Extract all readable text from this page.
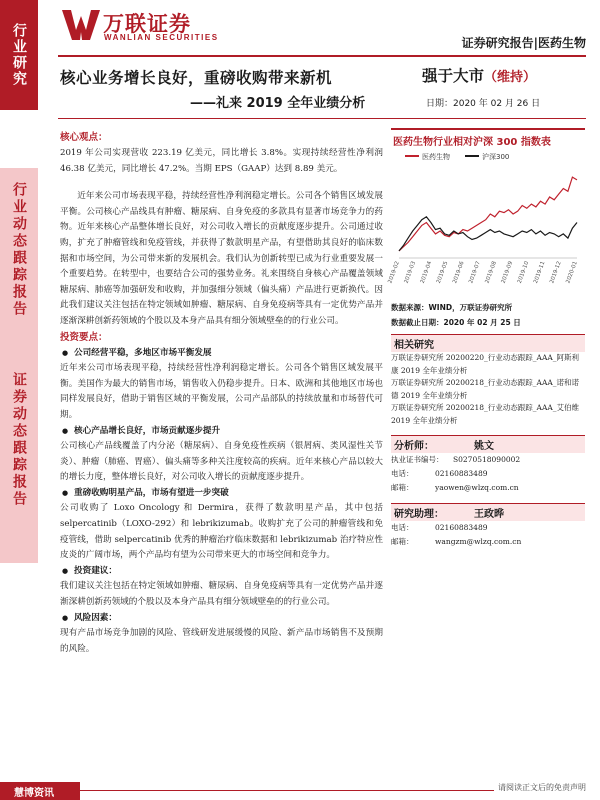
行业研究
行业动态跟踪报告
证券动态跟踪报告
万联证券
WANLIAN SECURITIES	证券研究报告|医药生物
核心业务增长良好，重磅收购带来新机
——礼来 2019 全年业绩分析
强于大市（维持）
日期：2020 年 02 月 26 日
核心观点：

2019 年公司实现营收 223.19 亿美元，同比增长 3.8%。实现持续经营性净利润 46.38 亿美元，同比增长 47.2%。当期 EPS（GAAP）达到 8.89 美元。

近年来公司市场表现平稳，持续经营性净利润稳定增长。公司各个销售区域发展平衡。公司核心产品线具有肿瘤、糖尿病、自身免疫的多款具有显著市场竞争力的药物。近年来核心产品整体增长良好，对公司收入增长的贡献度逐步提升。公司通过收购，扩充了肿瘤管线和免疫管线，并获得了数款明星产品，有望借助其良好的临床数据和市场空间，为公司带来新的发展机会。我们认为创新转型已成为行业重要发展一个重要趋势。在转型中，也要结合公司的强势业务。礼来围绕自身核心产品覆盖领域糖尿病、肺癌等加强研发和收购，并加强细分领域（偏头痛）产品进行更新换代。因此我们建议关注包括在特定领域如肿瘤、糖尿病、自身免疫病等具有一定优势产品并逐渐深耕创新药领域的个股以及本身产品具有细分领域壁垒的的行业公司。

投资要点：
● 公司经营平稳，多地区市场平衡发展

近年来公司市场表现平稳，持续经营性净利润稳定增长。公司各个销售区域发展平衡。美国作为最大的销售市场，销售收入仍稳步提升。日本、欧洲和其他地区市场也同样发展良好，借助于销售区域的平衡发展，公司产品部队的持续放量和市场替代可期。

● 核心产品增长良好，市场贡献逐步提升

公司核心产品线覆盖了内分泌（糖尿病）、自身免疫性疾病（银屑病、类风湿性关节炎）、肿瘤（肺癌、胃癌）、偏头痛等多种关注度较高的疾病。近年来核心产品以较大的增长力度，整体增长良好，对公司收入增长的贡献度逐步提升。

● 重磅收购明星产品，市场有望进一步突破

公司收购了 Loxo Oncology 和 Dermira，获得了数款明星产品，其中包括 selpercatinib（LOXO-292）和 lebrikizumab。收购扩充了公司的肿瘤管线和免疫管线，借助 selpercatinib 优秀的肿瘤治疗临床数据和 lebrikizumab 治疗特应性皮炎的广阔市场，两个产品均有望为公司带来更大的市场空间和竞争力。

● 投资建议：

我们建议关注包括在特定领域如肿瘤、糖尿病、自身免疫病等具有一定优势产品并逐渐深耕创新药领域的个股以及本身产品具有细分领域壁垒的的行业公司。

● 风险因素：

现有产品市场竞争加剧的风险、管线研发进展缓慢的风险、新产品市场销售不及预期的风险。

医药生物行业相对沪深 300 指数表
医药生物	沪深300
2019-02 2019-03 2019-04 2019-05 2019-06 2019-07 2019-08 2019-09 2019-10 2019-11 2019-12 2020-01
数据来源：WIND，万联证券研究所
数据截止日期：2020 年 02 月 25 日
相关研究
万联证券研究所 20200220_行业动态跟踪_AAA_阿斯利康 2019 全年业绩分析
万联证券研究所 20200218_行业动态跟踪_AAA_诺和诺德 2019 全年业绩分析
万联证券研究所 20200218_行业动态跟踪_AAA_艾伯维 2019 全年业绩分析
分析师：	姚文
执业证书编号：	S0270518090002
电话：	02160883489
邮箱：	yaowen@wlzq.com.cn
研究助理：	王政晔
电话：	02160883489
邮箱：	wangzm@wlzq.com.cn
慧博资讯	请阅读正文后的免责声明
